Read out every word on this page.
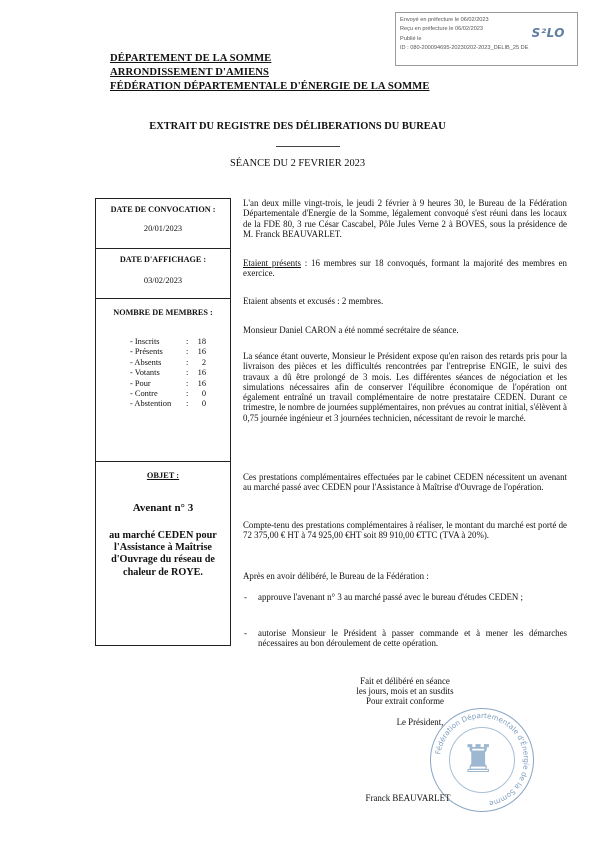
Envoyé en préfecture le 06/02/2023
Reçu en préfecture le 06/02/2023
Publié le
ID : 080-200094695-20230202-2023_DELIB_25 DE
S²LO
DÉPARTEMENT DE LA SOMME
ARRONDISSEMENT D'AMIENS
FÉDÉRATION DÉPARTEMENTALE D'ÉNERGIE DE LA SOMME
EXTRAIT DU REGISTRE DES DÉLIBERATIONS DU BUREAU
SÉANCE DU 2 FEVRIER 2023
DATE DE CONVOCATION :
20/01/2023
DATE D'AFFICHAGE :
03/02/2023
NOMBRE DE MEMBRES :
- Inscrits	: 18
- Présents	: 16
- Absents	: 2
- Votants	: 16
- Pour	: 16
- Contre	: 0
- Abstention : 0
OBJET :
Avenant n° 3
au marché CEDEN pour l'Assistance à Maîtrise d'Ouvrage du réseau de chaleur de ROYE.
L'an deux mille vingt-trois, le jeudi 2 février à 9 heures 30, le Bureau de la Fédération Départementale d'Energie de la Somme, légalement convoqué s'est réuni dans les locaux de la FDE 80, 3 rue César Cascabel, Pôle Jules Verne 2 à BOVES, sous la présidence de M. Franck BEAUVARLET.
Etaient présents : 16 membres sur 18 convoqués, formant la majorité des membres en exercice.
Etaient absents et excusés : 2 membres.
Monsieur Daniel CARON a été nommé secrétaire de séance.
La séance étant ouverte, Monsieur le Président expose qu'en raison des retards pris pour la livraison des pièces et les difficultés rencontrées par l'entreprise ENGIE, le suivi des travaux a dû être prolongé de 3 mois. Les différentes séances de négociation et les simulations nécessaires afin de conserver l'équilibre économique de l'opération ont également entraîné un travail complémentaire de notre prestataire CEDEN. Durant ce trimestre, le nombre de journées supplémentaires, non prévues au contrat initial, s'élèvent à 0,75 journée ingénieur et 3 journées technicien, nécessitant de revoir le marché.
Ces prestations complémentaires effectuées par le cabinet CEDEN nécessitent un avenant au marché passé avec CEDEN pour l'Assistance à Maîtrise d'Ouvrage de l'opération.
Compte-tenu des prestations complémentaires à réaliser, le montant du marché est porté de 72 375,00 € HT à 74 925,00 €HT soit 89 910,00 €TTC (TVA à 20%).
Après en avoir délibéré, le Bureau de la Fédération :
- approuve l'avenant n° 3 au marché passé avec le bureau d'études CEDEN ;
- autorise Monsieur le Président à passer commande et à mener les démarches nécessaires au bon déroulement de cette opération.
Fait et délibéré en séance
les jours, mois et an susdits
Pour extrait conforme
Le Président,
Fédération Départementale d'Énergie de la Somme
♜
Franck BEAUVARLET
